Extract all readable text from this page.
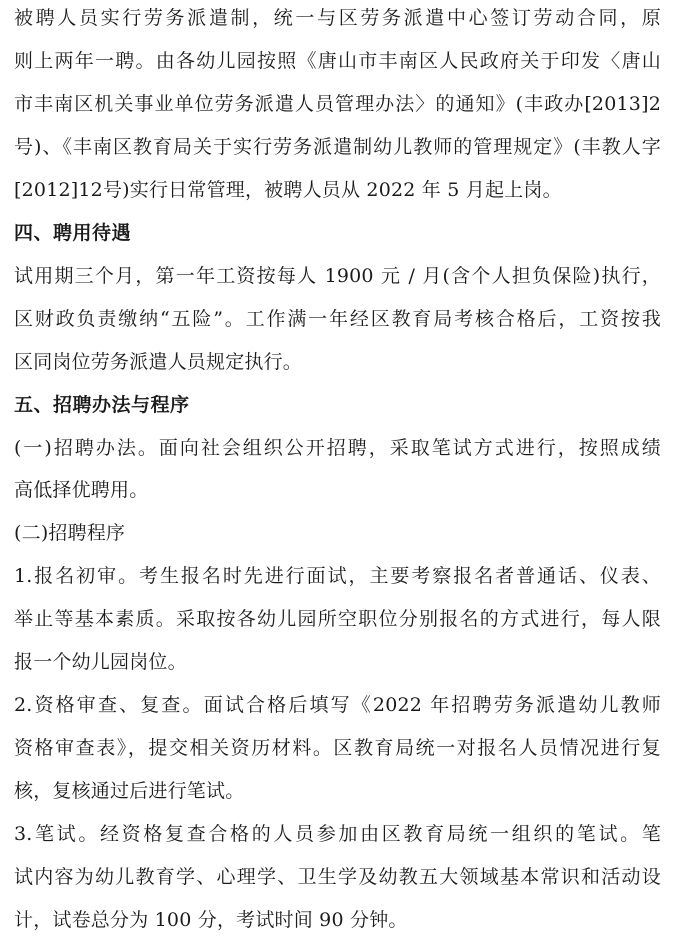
被聘人员实行劳务派遣制，统一与区劳务派遣中心签订劳动合同，原
则上两年一聘。由各幼儿园按照《唐山市丰南区人民政府关于印发〈唐山
市丰南区机关事业单位劳务派遣人员管理办法〉的通知》(丰政办[2013]2
号)、《丰南区教育局关于实行劳务派遣制幼儿教师的管理规定》(丰教人字
[2012]12号)实行日常管理，被聘人员从 2022 年 5 月起上岗。
四、聘用待遇
试用期三个月，第一年工资按每人 1900 元 / 月(含个人担负保险)执行，
区财政负责缴纳“五险”。工作满一年经区教育局考核合格后，工资按我
区同岗位劳务派遣人员规定执行。
五、招聘办法与程序
(一)招聘办法。面向社会组织公开招聘，采取笔试方式进行，按照成绩
高低择优聘用。
(二)招聘程序
1.报名初审。考生报名时先进行面试，主要考察报名者普通话、仪表、
举止等基本素质。采取按各幼儿园所空职位分别报名的方式进行，每人限
报一个幼儿园岗位。
2.资格审查、复查。面试合格后填写《2022 年招聘劳务派遣幼儿教师
资格审查表》，提交相关资历材料。区教育局统一对报名人员情况进行复
核，复核通过后进行笔试。
3.笔试。经资格复查合格的人员参加由区教育局统一组织的笔试。笔
试内容为幼儿教育学、心理学、卫生学及幼教五大领域基本常识和活动设
计，试卷总分为 100 分，考试时间 90 分钟。
